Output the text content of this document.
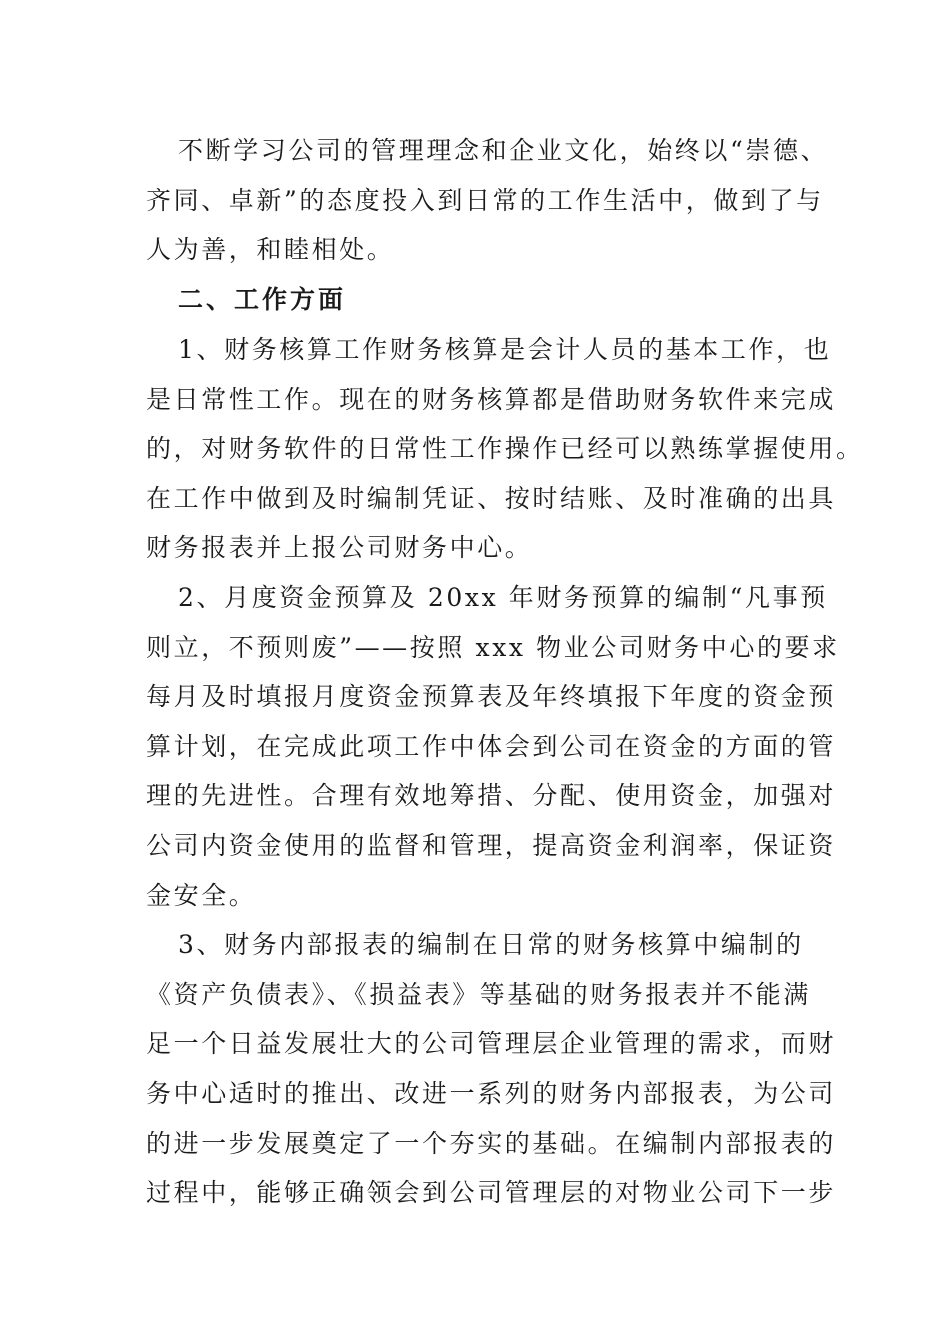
不断学习公司的管理理念和企业文化，始终以“崇德、
齐同、卓新”的态度投入到日常的工作生活中，做到了与
人为善，和睦相处。
二、工作方面
1、财务核算工作财务核算是会计人员的基本工作，也
是日常性工作。现在的财务核算都是借助财务软件来完成
的，对财务软件的日常性工作操作已经可以熟练掌握使用。
在工作中做到及时编制凭证、按时结账、及时准确的出具
财务报表并上报公司财务中心。
2、月度资金预算及 20xx 年财务预算的编制“凡事预
则立，不预则废”——按照 xxx 物业公司财务中心的要求
每月及时填报月度资金预算表及年终填报下年度的资金预
算计划，在完成此项工作中体会到公司在资金的方面的管
理的先进性。合理有效地筹措、分配、使用资金，加强对
公司内资金使用的监督和管理，提高资金利润率，保证资
金安全。
3、财务内部报表的编制在日常的财务核算中编制的
《资产负债表》、《损益表》等基础的财务报表并不能满
足一个日益发展壮大的公司管理层企业管理的需求，而财
务中心适时的推出、改进一系列的财务内部报表，为公司
的进一步发展奠定了一个夯实的基础。在编制内部报表的
过程中，能够正确领会到公司管理层的对物业公司下一步
